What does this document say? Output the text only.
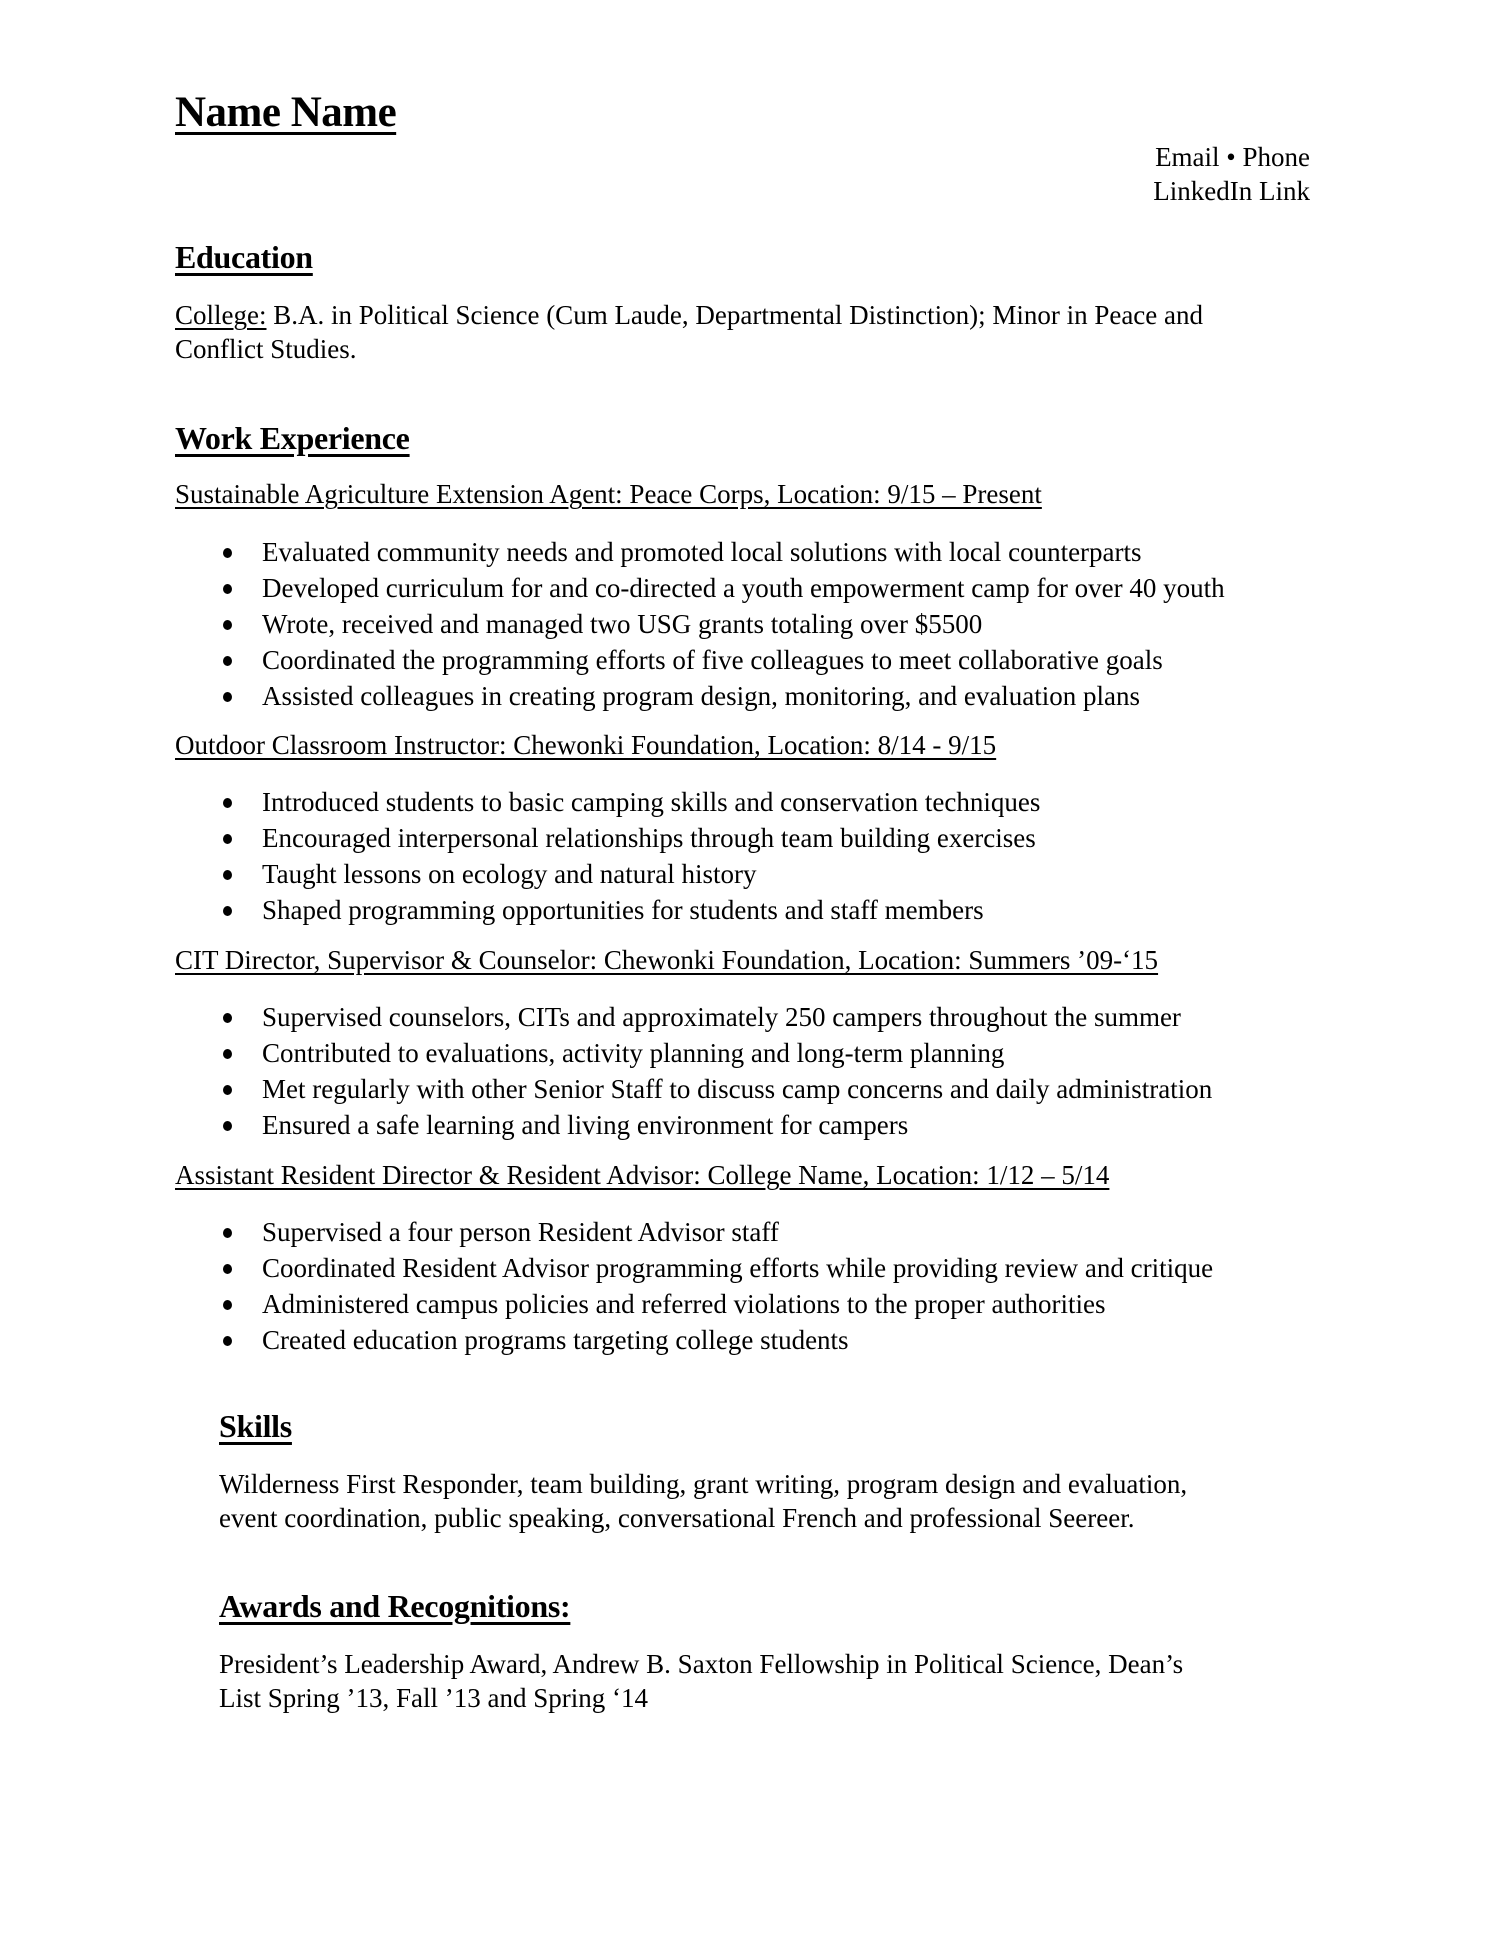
Name Name
Email • Phone
LinkedIn Link
Education
College: B.A. in Political Science (Cum Laude, Departmental Distinction); Minor in Peace and
Conflict Studies.
Work Experience
Sustainable Agriculture Extension Agent: Peace Corps, Location: 9/15 – Present
Evaluated community needs and promoted local solutions with local counterparts
Developed curriculum for and co-directed a youth empowerment camp for over 40 youth
Wrote, received and managed two USG grants totaling over $5500
Coordinated the programming efforts of five colleagues to meet collaborative goals
Assisted colleagues in creating program design, monitoring, and evaluation plans
Outdoor Classroom Instructor: Chewonki Foundation, Location: 8/14 - 9/15
Introduced students to basic camping skills and conservation techniques
Encouraged interpersonal relationships through team building exercises
Taught lessons on ecology and natural history
Shaped programming opportunities for students and staff members
CIT Director, Supervisor & Counselor: Chewonki Foundation, Location: Summers ’09-‘15
Supervised counselors, CITs and approximately 250 campers throughout the summer
Contributed to evaluations, activity planning and long-term planning
Met regularly with other Senior Staff to discuss camp concerns and daily administration
Ensured a safe learning and living environment for campers
Assistant Resident Director & Resident Advisor: College Name, Location: 1/12 – 5/14
Supervised a four person Resident Advisor staff
Coordinated Resident Advisor programming efforts while providing review and critique
Administered campus policies and referred violations to the proper authorities
Created education programs targeting college students
Skills
Wilderness First Responder, team building, grant writing, program design and evaluation,
event coordination, public speaking, conversational French and professional Seereer.
Awards and Recognitions:
President’s Leadership Award, Andrew B. Saxton Fellowship in Political Science, Dean’s
List Spring ’13, Fall ’13 and Spring ‘14
